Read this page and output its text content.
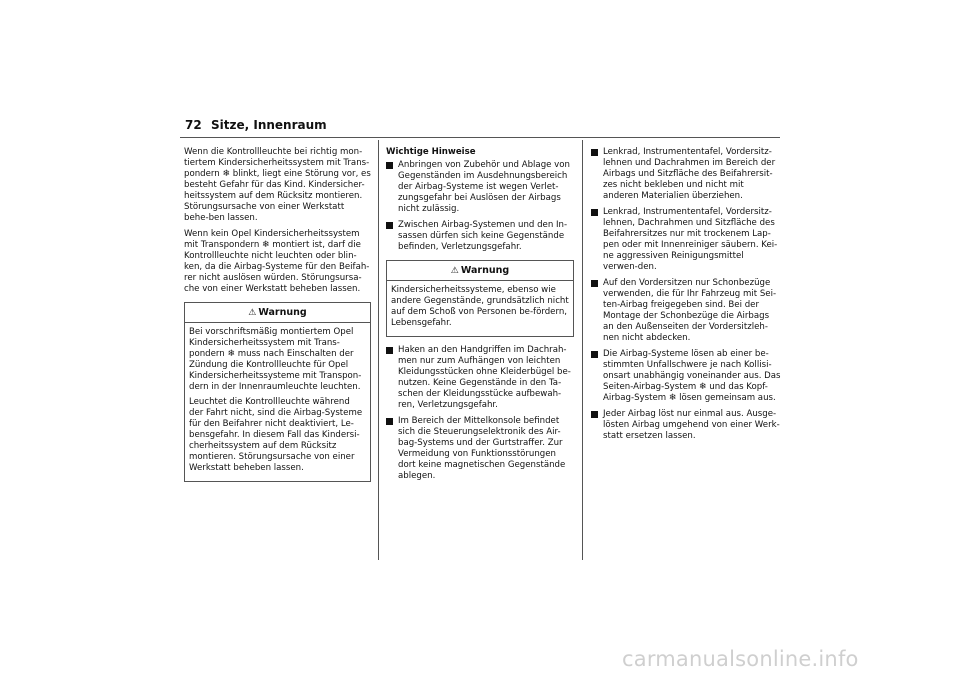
72 Sitze, Innenraum

Wenn die Kontrollleuchte bei richtig mon-tiertem Kindersicherheitssystem mit Trans-pondern ❄ blinkt, liegt eine Störung vor, es besteht Gefahr für das Kind. Kindersicher-heitssystem auf dem Rücksitz montieren. Störungsursache von einer Werkstatt behe-ben lassen.

Wenn kein Opel Kindersicherheitssystem mit Transpondern ❄ montiert ist, darf die Kontrollleuchte nicht leuchten oder blin-ken, da die Airbag-Systeme für den Beifah-rer nicht auslösen würden. Störungsursa-che von einer Werkstatt beheben lassen.

⚠ Warnung

Bei vorschriftsmäßig montiertem Opel Kindersicherheitssystem mit Trans-pondern ❄ muss nach Einschalten der Zündung die Kontrollleuchte für Opel Kindersicherheitssysteme mit Transpon-dern in der Innenraumleuchte leuchten.

Leuchtet die Kontrollleuchte während der Fahrt nicht, sind die Airbag-Systeme für den Beifahrer nicht deaktiviert, Le-bensgefahr. In diesem Fall das Kindersi-cherheitssystem auf dem Rücksitz montieren. Störungsursache von einer Werkstatt beheben lassen.

Wichtige Hinweise
Anbringen von Zubehör und Ablage von Gegenständen im Ausdehnungsbereich der Airbag-Systeme ist wegen Verlet-zungsgefahr bei Auslösen der Airbags nicht zulässig.
Zwischen Airbag-Systemen und den In-sassen dürfen sich keine Gegenstände befinden, Verletzungsgefahr.
⚠ Warnung

Kindersicherheitssysteme, ebenso wie andere Gegenstände, grundsätzlich nicht auf dem Schoß von Personen be-fördern, Lebensgefahr.

Haken an den Handgriffen im Dachrah-men nur zum Aufhängen von leichten Kleidungsstücken ohne Kleiderbügel be-nutzen. Keine Gegenstände in den Ta-schen der Kleidungsstücke aufbewah-ren, Verletzungsgefahr.
Im Bereich der Mittelkonsole befindet sich die Steuerungselektronik des Air-bag-Systems und der Gurtstraffer. Zur Vermeidung von Funktionsstörungen dort keine magnetischen Gegenstände ablegen.
Lenkrad, Instrumententafel, Vordersitz-lehnen und Dachrahmen im Bereich der Airbags und Sitzfläche des Beifahrersit-zes nicht bekleben und nicht mit anderen Materialien überziehen.
Lenkrad, Instrumententafel, Vordersitz-lehnen, Dachrahmen und Sitzfläche des Beifahrersitzes nur mit trockenem Lap-pen oder mit Innenreiniger säubern. Kei-ne aggressiven Reinigungsmittel verwen-den.
Auf den Vordersitzen nur Schonbezüge verwenden, die für Ihr Fahrzeug mit Sei-ten-Airbag freigegeben sind. Bei der Montage der Schonbezüge die Airbags an den Außenseiten der Vordersitzleh-nen nicht abdecken.
Die Airbag-Systeme lösen ab einer be-stimmten Unfallschwere je nach Kollisi-onsart unabhängig voneinander aus. Das Seiten-Airbag-System ❄ und das Kopf-Airbag-System ❄ lösen gemeinsam aus.
Jeder Airbag löst nur einmal aus. Ausge-lösten Airbag umgehend von einer Werk-statt ersetzen lassen.
carmanualsonline.info
